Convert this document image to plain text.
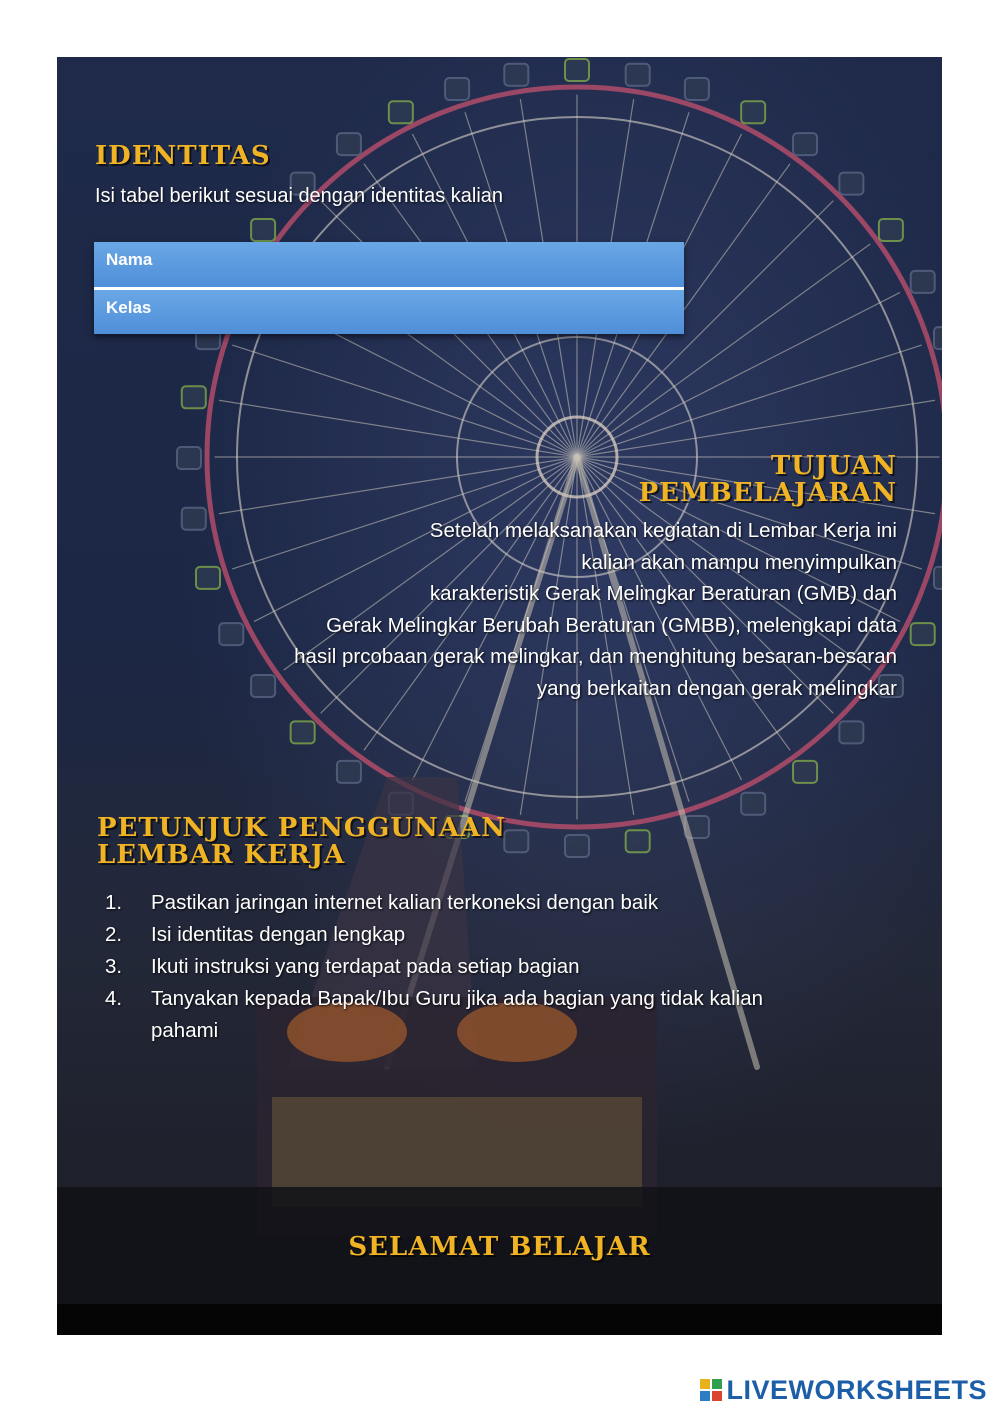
IDENTITAS
Isi tabel berikut sesuai dengan identitas kalian
Nama
Kelas
TUJUAN
PEMBELAJARAN

Setelah melaksanakan kegiatan di Lembar Kerja ini
kalian akan mampu menyimpulkan
karakteristik Gerak Melingkar Beraturan (GMB) dan
Gerak Melingkar Berubah Beraturan (GMBB), melengkapi data
hasil prcobaan gerak melingkar, dan menghitung besaran-besaran
yang berkaitan dengan gerak melingkar

PETUNJUK PENGGUNAAN
LEMBAR KERJA
1.	Pastikan jaringan internet kalian terkoneksi dengan baik
2.	Isi identitas dengan lengkap
3.	Ikuti instruksi yang terdapat pada setiap bagian
4.	Tanyakan kepada Bapak/Ibu Guru jika ada bagian yang tidak kalian pahami
SELAMAT BELAJAR
LIVEWORKSHEETS
